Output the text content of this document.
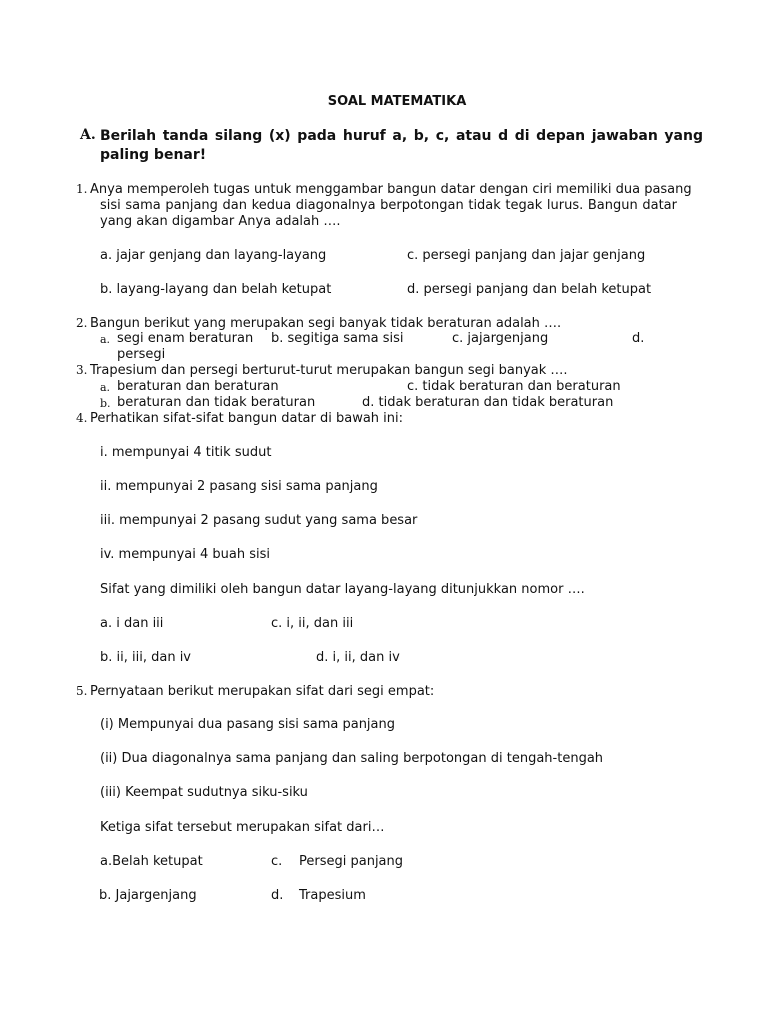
SOAL MATEMATIKA
A. Berilah tanda silang (x) pada huruf a, b, c, atau d di depan jawaban yang
paling benar!
1. Anya memperoleh tugas untuk menggambar bangun datar dengan ciri memiliki dua pasang
sisi sama panjang dan kedua diagonalnya berpotongan tidak tegak lurus. Bangun datar
yang akan digambar Anya adalah ….
a. jajar genjang dan layang-layang	c. persegi panjang dan jajar genjang
b. layang-layang dan belah ketupat	d. persegi panjang dan belah ketupat
2. Bangun berikut yang merupakan segi banyak tidak beraturan adalah ….
a. segi enam beraturan b. segitiga sama sisi	c. jajargenjang	d.
persegi
3. Trapesium dan persegi berturut-turut merupakan bangun segi banyak ….
a. beraturan dan beraturan	c. tidak beraturan dan beraturan
b. beraturan dan tidak beraturan	d. tidak beraturan dan tidak beraturan
4. Perhatikan sifat-sifat bangun datar di bawah ini:
i. mempunyai 4 titik sudut
ii. mempunyai 2 pasang sisi sama panjang
iii. mempunyai 2 pasang sudut yang sama besar
iv. mempunyai 4 buah sisi
Sifat yang dimiliki oleh bangun datar layang-layang ditunjukkan nomor ….
a. i dan iii	c. i, ii, dan iii
b. ii, iii, dan iv	d. i, ii, dan iv
5. Pernyataan berikut merupakan sifat dari segi empat:
(i) Mempunyai dua pasang sisi sama panjang
(ii) Dua diagonalnya sama panjang dan saling berpotongan di tengah-tengah
(iii) Keempat sudutnya siku-siku
Ketiga sifat tersebut merupakan sifat dari…
a.Belah ketupat	c. Persegi panjang
b. Jajargenjang	d. Trapesium
